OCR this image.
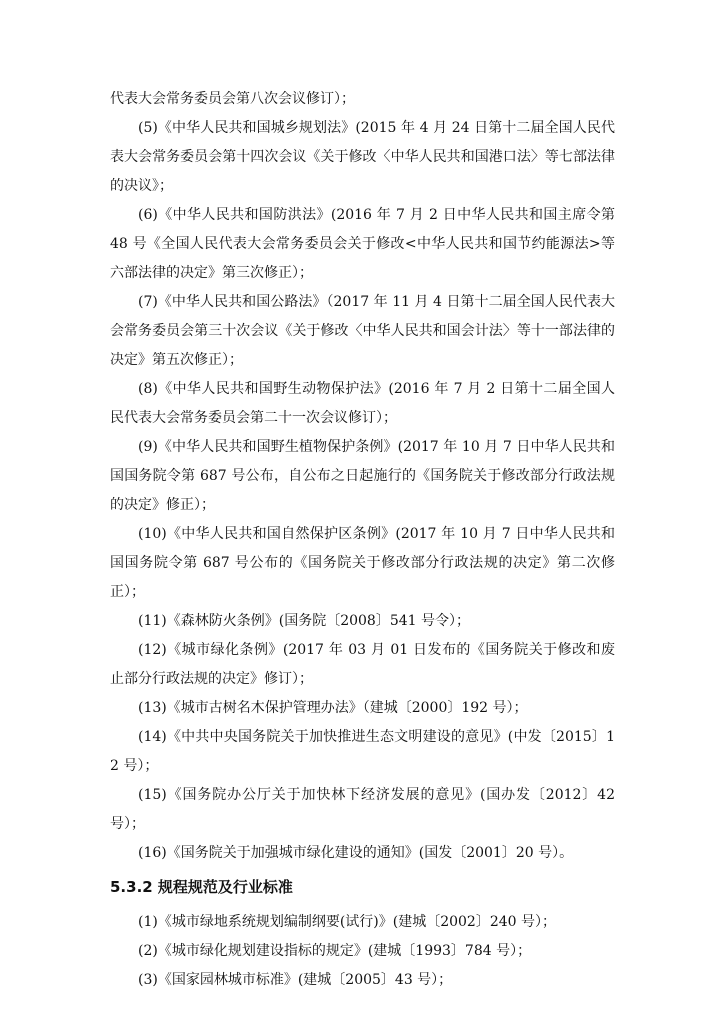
代表大会常务委员会第八次会议修订）；

(5)《中华人民共和国城乡规划法》(2015 年 4 月 24 日第十二届全国人民代表大会常务委员会第十四次会议《关于修改〈中华人民共和国港口法〉等七部法律的决议》；

(6)《中华人民共和国防洪法》(2016 年 7 月 2 日中华人民共和国主席令第 48 号《全国人民代表大会常务委员会关于修改<中华人民共和国节约能源法>等六部法律的决定》第三次修正）；

(7)《中华人民共和国公路法》（2017 年 11 月 4 日第十二届全国人民代表大会常务委员会第三十次会议《关于修改〈中华人民共和国会计法〉等十一部法律的决定》第五次修正）；

(8)《中华人民共和国野生动物保护法》(2016 年 7 月 2 日第十二届全国人民代表大会常务委员会第二十一次会议修订）；

(9)《中华人民共和国野生植物保护条例》(2017 年 10 月 7 日中华人民共和国国务院令第 687 号公布，自公布之日起施行的《国务院关于修改部分行政法规的决定》修正）；

(10)《中华人民共和国自然保护区条例》(2017 年 10 月 7 日中华人民共和国国务院令第 687 号公布的《国务院关于修改部分行政法规的决定》第二次修正）；

(11)《森林防火条例》(国务院〔2008〕541 号令）；

(12)《城市绿化条例》(2017 年 03 月 01 日发布的《国务院关于修改和废止部分行政法规的决定》修订）；

(13)《城市古树名木保护管理办法》（建城〔2000〕192 号）；

(14)《中共中央国务院关于加快推进生态文明建设的意见》(中发〔2015〕12 号）；

(15)《国务院办公厅关于加快林下经济发展的意见》(国办发〔2012〕42 号）；

(16)《国务院关于加强城市绿化建设的通知》(国发〔2001〕20 号）。

5.3.2 规程规范及行业标准

(1)《城市绿地系统规划编制纲要(试行)》(建城〔2002〕240 号）；

(2)《城市绿化规划建设指标的规定》(建城〔1993〕784 号）；

(3)《国家园林城市标准》(建城〔2005〕43 号）；
